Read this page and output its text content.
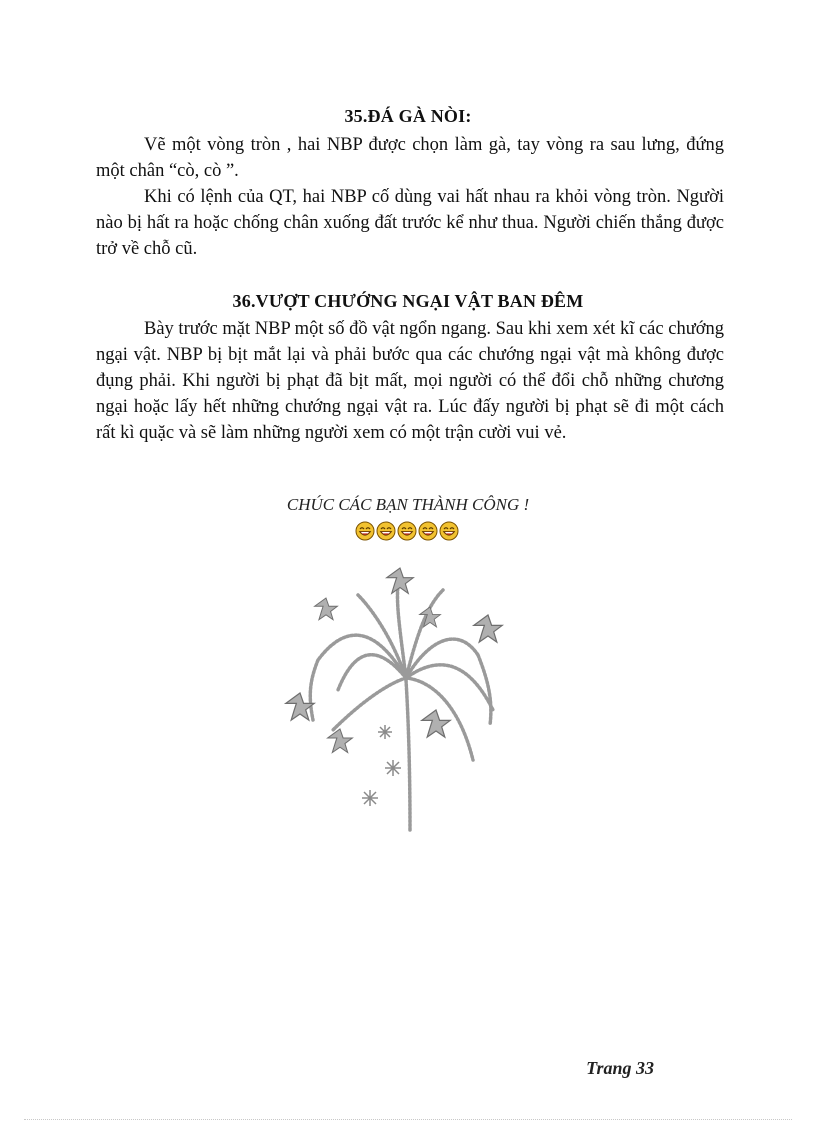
35.ĐÁ GÀ NÒI:

Vẽ một vòng tròn , hai NBP được chọn làm gà, tay vòng ra sau lưng, đứng một chân “cò, cò ”.

Khi có lệnh của QT, hai NBP cố dùng vai hất nhau ra khỏi vòng tròn. Người nào bị hất ra hoặc chống chân xuống đất trước kể như thua. Người chiến thắng được trở về chỗ cũ.

36.VƯỢT CHƯỚNG NGẠI VẬT BAN ĐÊM

Bày trước mặt NBP một số đồ vật ngổn ngang. Sau khi xem xét kĩ các chướng ngại vật. NBP bị bịt mắt lại và phải bước qua các chướng ngại vật mà không được đụng phải. Khi người bị phạt đã bịt mất, mọi người có thể đổi chỗ những chương ngại hoặc lấy hết những chướng ngại vật ra. Lúc đấy người bị phạt sẽ đi một cách rất kì quặc và sẽ làm những người xem có một trận cười vui vẻ.

CHÚC CÁC BẠN THÀNH CÔNG !
Trang 33
